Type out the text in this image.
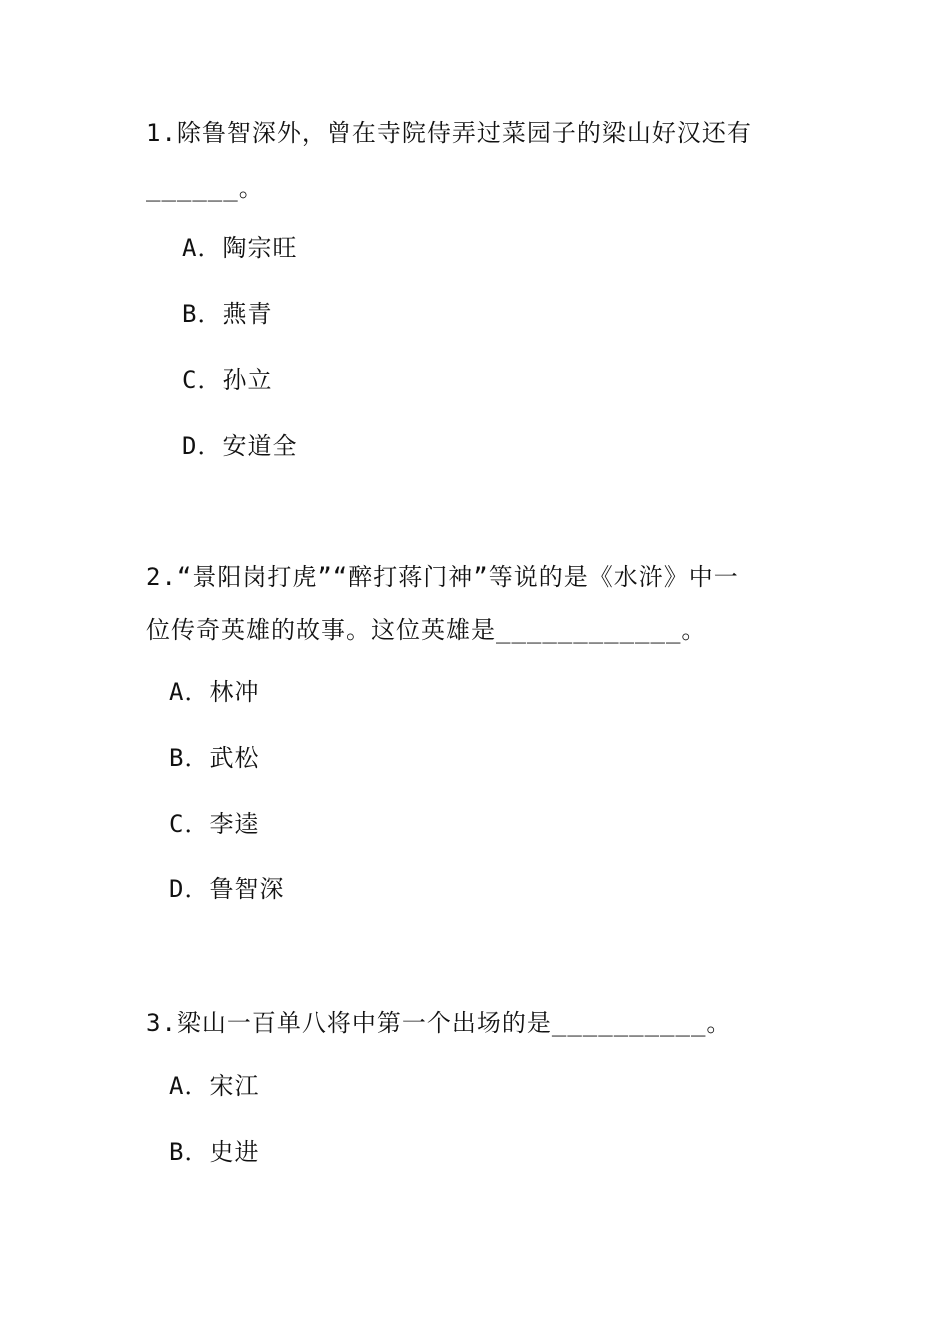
1.除鲁智深外，曾在寺院侍弄过菜园子的梁山好汉还有
______。
A．陶宗旺
B．燕青
C．孙立
D．安道全
2.“景阳岗打虎”“醉打蒋门神”等说的是《水浒》中一
位传奇英雄的故事。这位英雄是____________。
A．林冲
B．武松
C．李逵
D．鲁智深
3.梁山一百单八将中第一个出场的是__________。
A．宋江
B．史进
